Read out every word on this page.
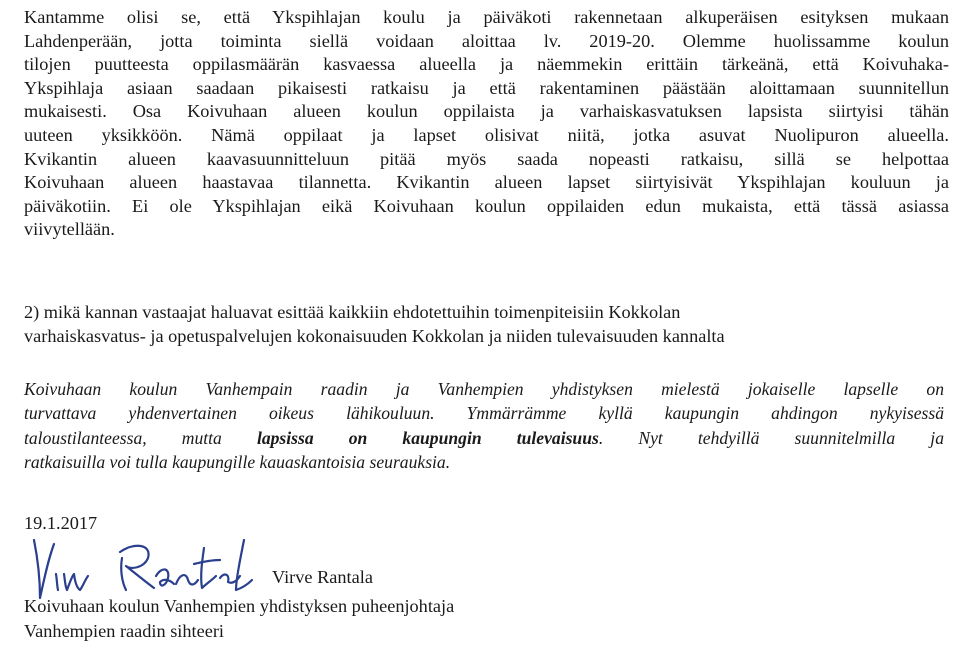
Kantamme olisi se, että Ykspihlajan koulu ja päiväkoti rakennetaan alkuperäisen esityksen mukaan
Lahdenperään, jotta toiminta siellä voidaan aloittaa lv. 2019-20. Olemme huolissamme koulun
tilojen puutteesta oppilasmäärän kasvaessa alueella ja näemmekin erittäin tärkeänä, että Koivuhaka-
Ykspihlaja asiaan saadaan pikaisesti ratkaisu ja että rakentaminen päästään aloittamaan suunnitellun
mukaisesti. Osa Koivuhaan alueen koulun oppilaista ja varhaiskasvatuksen lapsista siirtyisi tähän
uuteen yksikköön. Nämä oppilaat ja lapset olisivat niitä, jotka asuvat Nuolipuron alueella.
Kvikantin alueen kaavasuunnitteluun pitää myös saada nopeasti ratkaisu, sillä se helpottaa
Koivuhaan alueen haastavaa tilannetta. Kvikantin alueen lapset siirtyisivät Ykspihlajan kouluun ja
päiväkotiin. Ei ole Ykspihlajan eikä Koivuhaan koulun oppilaiden edun mukaista, että tässä asiassa
viivytellään.
2) mikä kannan vastaajat haluavat esittää kaikkiin ehdotettuihin toimenpiteisiin Kokkolan
varhaiskasvatus- ja opetuspalvelujen kokonaisuuden Kokkolan ja niiden tulevaisuuden kannalta
Koivuhaan koulun Vanhempain raadin ja Vanhempien yhdistyksen mielestä jokaiselle lapselle on
turvattava yhdenvertainen oikeus lähikouluun. Ymmärrämme kyllä kaupungin ahdingon nykyisessä
taloustilanteessa, mutta lapsissa on kaupungin tulevaisuus. Nyt tehdyillä suunnitelmilla ja
ratkaisuilla voi tulla kaupungille kauaskantoisia seurauksia.
19.1.2017
Virve Rantala
Koivuhaan koulun Vanhempien yhdistyksen puheenjohtaja
Vanhempien raadin sihteeri
